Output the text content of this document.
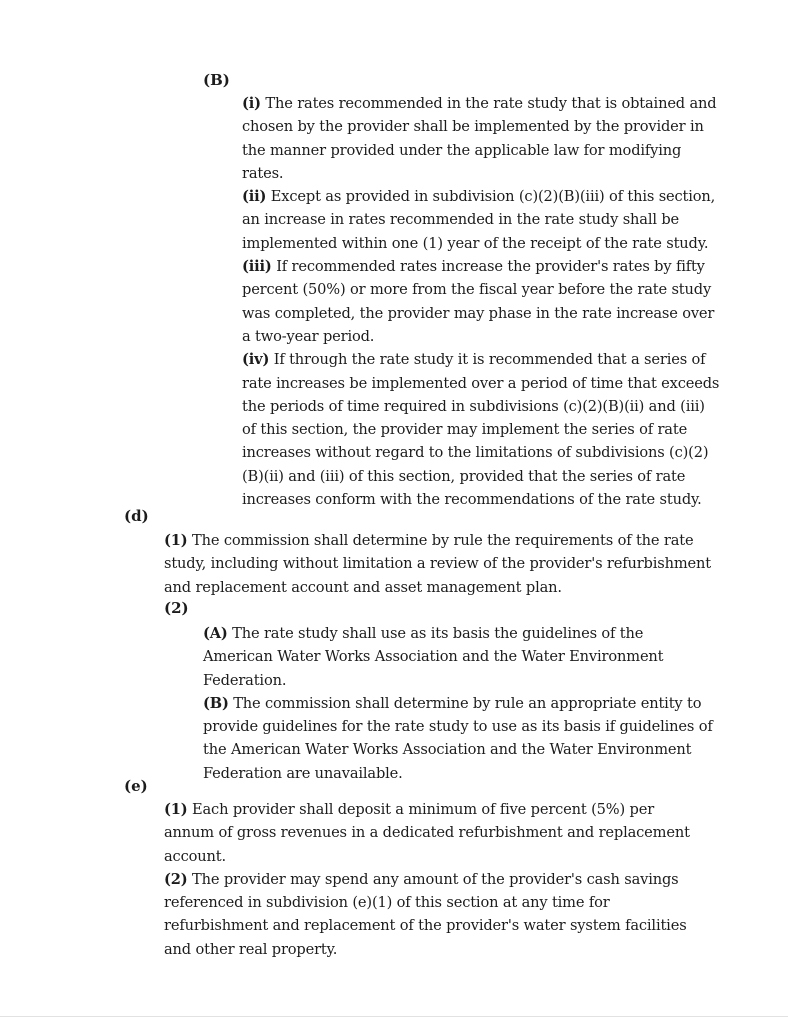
(B)

(i) The rates recommended in the rate study that is obtained and chosen by the provider shall be implemented by the provider in the manner provided under the applicable law for modifying rates.

(ii) Except as provided in subdivision (c)(2)(B)(iii) of this section, an increase in rates recommended in the rate study shall be implemented within one (1) year of the receipt of the rate study.

(iii) If recommended rates increase the provider's rates by fifty percent (50%) or more from the fiscal year before the rate study was completed, the provider may phase in the rate increase over a two-year period.

(iv) If through the rate study it is recommended that a series of rate increases be implemented over a period of time that exceeds the periods of time required in subdivisions (c)(2)(B)(ii) and (iii) of this section, the provider may implement the series of rate increases without regard to the limitations of subdivisions (c)(2)(B)(ii) and (iii) of this section, provided that the series of rate increases conform with the recommendations of the rate study.

(d)

(1) The commission shall determine by rule the requirements of the rate study, including without limitation a review of the provider's refurbishment and replacement account and asset management plan.

(2)

(A) The rate study shall use as its basis the guidelines of the American Water Works Association and the Water Environment Federation.

(B) The commission shall determine by rule an appropriate entity to provide guidelines for the rate study to use as its basis if guidelines of the American Water Works Association and the Water Environment Federation are unavailable.

(e)

(1) Each provider shall deposit a minimum of five percent (5%) per annum of gross revenues in a dedicated refurbishment and replacement account.

(2) The provider may spend any amount of the provider's cash savings referenced in subdivision (e)(1) of this section at any time for refurbishment and replacement of the provider's water system facilities and other real property.
